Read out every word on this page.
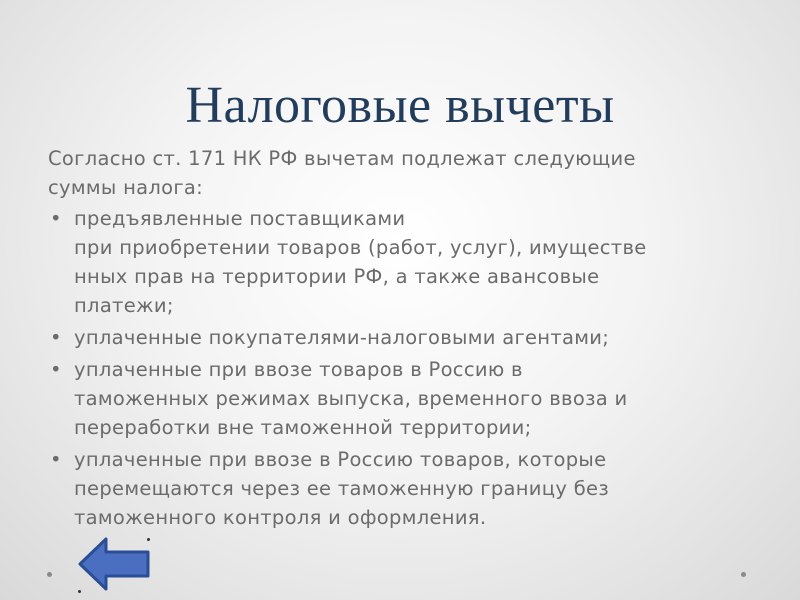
Налоговые вычеты
Согласно ст. 171 НК РФ вычетам подлежат следующие
суммы налога:
• предъявленные поставщиками
при приобретении товаров (работ, услуг), имуществе
нных прав на территории РФ, а также авансовые
платежи;
• уплаченные покупателями-налоговыми агентами;
• уплаченные при ввозе товаров в Россию в
таможенных режимах выпуска, временного ввоза и
переработки вне таможенной территории;
• уплаченные при ввозе в Россию товаров, которые
перемещаются через ее таможенную границу без
таможенного контроля и оформления.
